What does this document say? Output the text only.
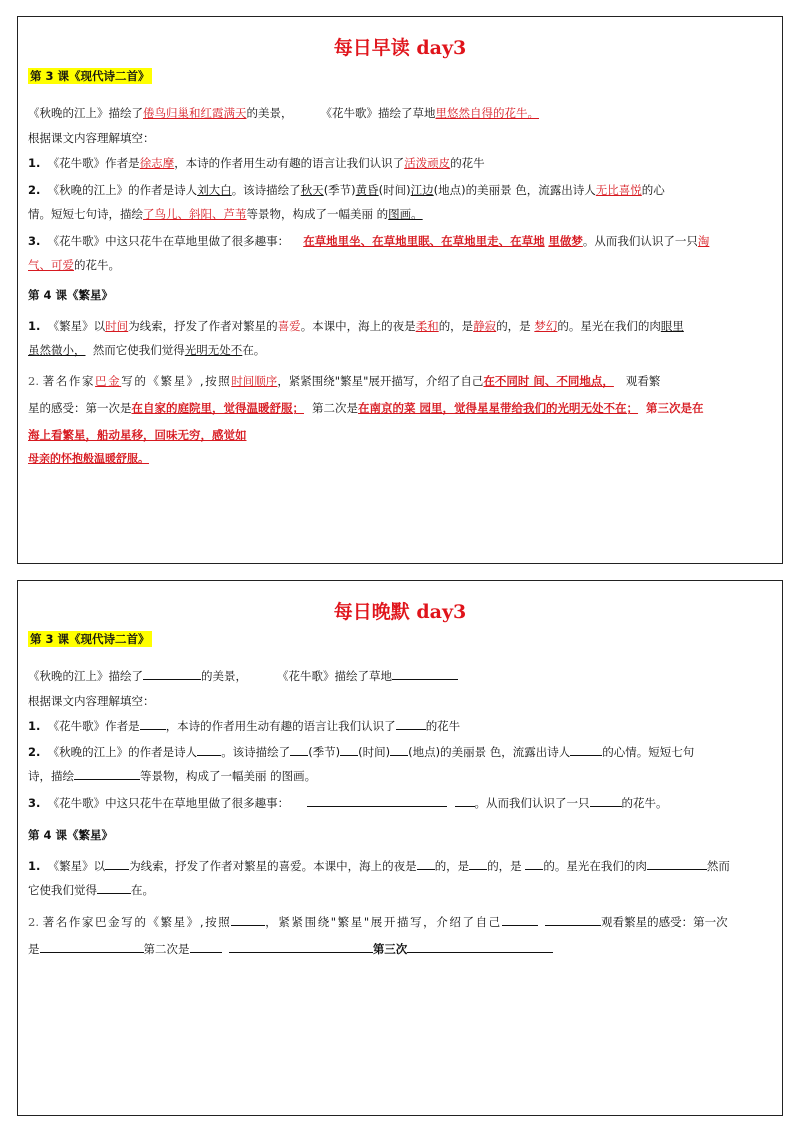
每日早读 day3
第 3 课《现代诗二首》
《秋晚的江上》描绘了倦鸟归巢和红霞满天的美景， 《花牛歌》描绘了草地里悠然自得的花牛。
根据课文内容理解填空：
1. 《花牛歌》作者是徐志摩，本诗的作者用生动有趣的语言让我们认识了活泼顽皮的花牛
2. 《秋晚的江上》的作者是诗人刘大白。该诗描绘了秋天(季节)黄昏(时间)江边(地点)的美丽景 色，流露出诗人无比喜悦的心
情。短短七句诗，描绘了鸟儿、斜阳、芦苇等景物，构成了一幅美丽 的图画。
3. 《花牛歌》中这只花牛在草地里做了很多趣事： 在草地里坐、在草地里眠、在草地里走、在草地 里做梦。从而我们认识了一只淘
气、可爱的花牛。
第 4 课《繁星》
1. 《繁星》以时间为线索，抒发了作者对繁星的喜爱。本课中，海上的夜是柔和的，是静寂的，是 梦幻的。星光在我们的肉眼里
虽然微小， 然而它使我们觉得光明无处不在。
2. 著名作家巴金写的《繁星》,按照时间顺序，紧紧围绕"繁星"展开描写，介绍了自己在不同时 间、不同地点， 观看繁
星的感受：第一次是在自家的庭院里，觉得温暖舒服； 第二次是在南京的菜 园里，觉得星星带给我们的光明无处不在； 第三次是在
海上看繁星，船动星移，回味无穷，感觉如
母亲的怀抱般温暖舒服。
每日晚默 day3
第 3 课《现代诗二首》
《秋晚的江上》描绘了	的美景，	《花牛歌》描绘了草地
根据课文内容理解填空：
1. 《花牛歌》作者是 ，本诗的作者用生动有趣的语言让我们认识了	的花牛
2. 《秋晚的江上》的作者是诗人 。该诗描绘了 (季节) (时间) (地点)的美丽景 色，流露出诗人	的心情。短短七句
诗，描绘	等景物，构成了一幅美丽 的图画。
3. 《花牛歌》中这只花牛在草地里做了很多趣事：	。从而我们认识了一只	的花牛。
第 4 课《繁星》
1. 《繁星》以 为线索，抒发了作者对繁星的喜爱。本课中，海上的夜是 的，是 的，是 的。星光在我们的肉	然而
它使我们觉得	在。
2. 著名作家巴金写的《繁星》,按照	，紧紧围绕"繁星"展开描写，介绍了自己	观看繁星的感受：第一次
是	第二次是	第三次
